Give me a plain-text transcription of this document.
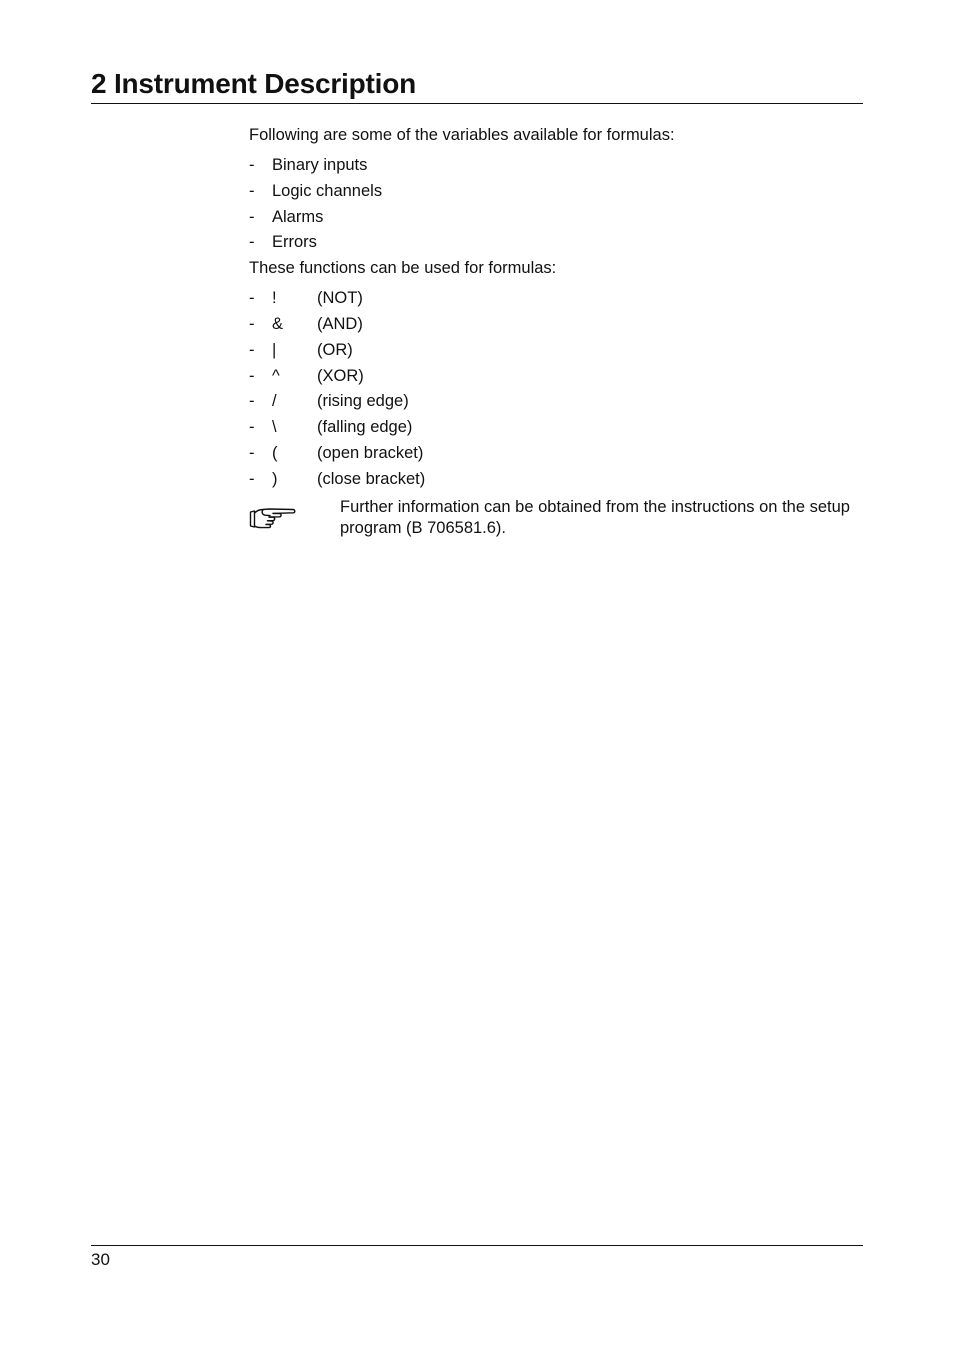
2 Instrument Description

Following are some of the variables available for formulas:

- Binary inputs
- Logic channels
- Alarms
- Errors

These functions can be used for formulas:

- ! (NOT)
- & (AND)
- | (OR)
- ^ (XOR)
- / (rising edge)
- \ (falling edge)
- ( (open bracket)
- ) (close bracket)

Further information can be obtained from the instructions on the setup program (B 706581.6).

30
